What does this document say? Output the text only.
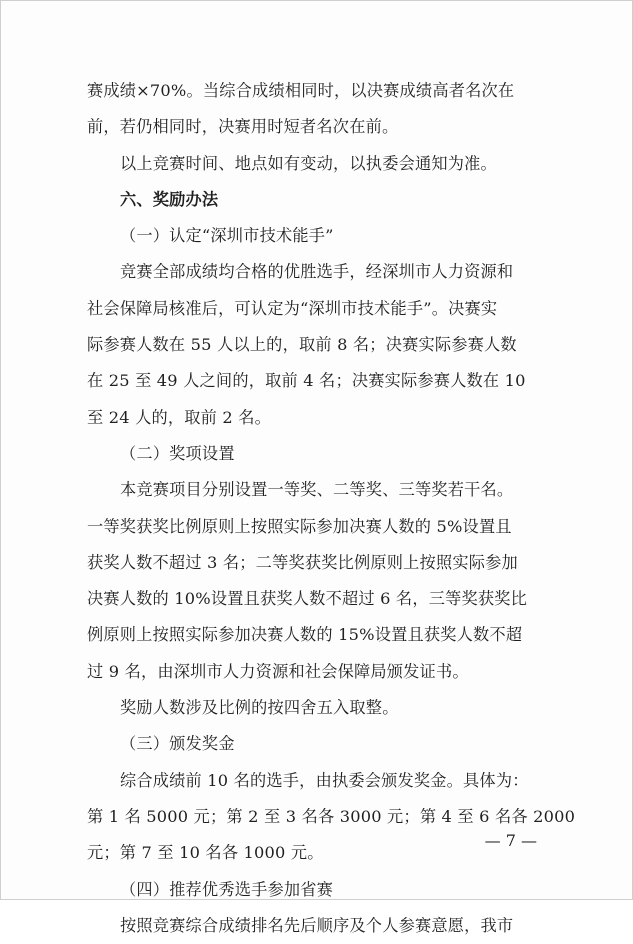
赛成绩×70%。当综合成绩相同时，以决赛成绩高者名次在
前，若仍相同时，决赛用时短者名次在前。
以上竞赛时间、地点如有变动，以执委会通知为准。
六、奖励办法
（一）认定“深圳市技术能手”
竞赛全部成绩均合格的优胜选手，经深圳市人力资源和
社会保障局核准后，可认定为“深圳市技术能手”。决赛实
际参赛人数在 55 人以上的，取前 8 名；决赛实际参赛人数
在 25 至 49 人之间的，取前 4 名；决赛实际参赛人数在 10
至 24 人的，取前 2 名。
（二）奖项设置
本竞赛项目分别设置一等奖、二等奖、三等奖若干名。
一等奖获奖比例原则上按照实际参加决赛人数的 5%设置且
获奖人数不超过 3 名；二等奖获奖比例原则上按照实际参加
决赛人数的 10%设置且获奖人数不超过 6 名，三等奖获奖比
例原则上按照实际参加决赛人数的 15%设置且获奖人数不超
过 9 名，由深圳市人力资源和社会保障局颁发证书。
奖励人数涉及比例的按四舍五入取整。
（三）颁发奖金
综合成绩前 10 名的选手，由执委会颁发奖金。具体为：
第 1 名 5000 元；第 2 至 3 名各 3000 元；第 4 至 6 名各 2000
元；第 7 至 10 名各 1000 元。
（四）推荐优秀选手参加省赛
按照竞赛综合成绩排名先后顺序及个人参赛意愿，我市
— 7 —
